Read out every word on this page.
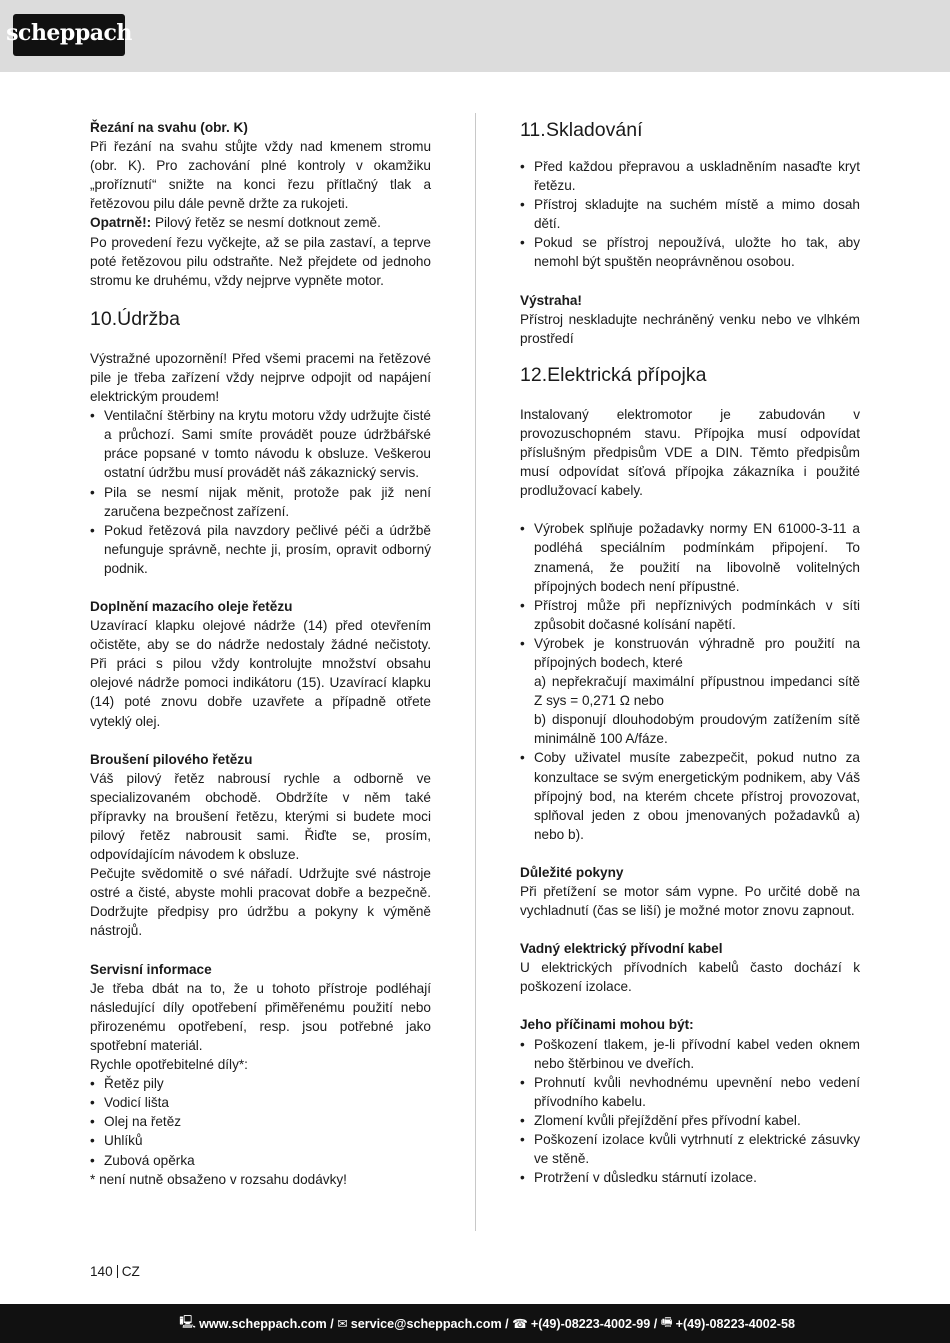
scheppach
Řezání na svahu (obr. K)
Při řezání na svahu stůjte vždy nad kmenem stromu (obr. K). Pro zachování plné kontroly v okamžiku „proříznutí“ snižte na konci řezu přítlačný tlak a řetězovou pilu dále pevně držte za rukojeti.
Opatrně!: Pilový řetěz se nesmí dotknout země.
Po provedení řezu vyčkejte, až se pila zastaví, a teprve poté řetězovou pilu odstraňte. Než přejdete od jednoho stromu ke druhému, vždy nejprve vypněte motor.
10.Údržba
Výstražné upozornění! Před všemi pracemi na řetězové pile je třeba zařízení vždy nejprve odpojit od napájení elektrickým proudem!
• Ventilační štěrbiny na krytu motoru vždy udržujte čisté a průchozí. Sami smíte provádět pouze údržbářské práce popsané v tomto návodu k obsluze. Veškerou ostatní údržbu musí provádět náš zákaznický servis.
• Pila se nesmí nijak měnit, protože pak již není zaručena bezpečnost zařízení.
• Pokud řetězová pila navzdory pečlivé péči a údržbě nefunguje správně, nechte ji, prosím, opravit odborný podnik.
Doplnění mazacího oleje řetězu
Uzavírací klapku olejové nádrže (14) před otevřením očistěte, aby se do nádrže nedostaly žádné nečistoty. Při práci s pilou vždy kontrolujte množství obsahu olejové nádrže pomoci indikátoru (15). Uzavírací klapku (14) poté znovu dobře uzavřete a případně otřete vyteklý olej.
Broušení pilového řetězu
Váš pilový řetěz nabrousí rychle a odborně ve specializovaném obchodě. Obdržíte v něm také přípravky na broušení řetězu, kterými si budete moci pilový řetěz nabrousit sami. Řiďte se, prosím, odpovídajícím návodem k obsluze.
Pečujte svědomitě o své nářadí. Udržujte své nástroje ostré a čisté, abyste mohli pracovat dobře a bezpečně. Dodržujte předpisy pro údržbu a pokyny k výměně nástrojů.
Servisní informace
Je třeba dbát na to, že u tohoto přístroje podléhají následující díly opotřebení přiměřenému použití nebo přirozenému opotřebení, resp. jsou potřebné jako spotřební materiál.
Rychle opotřebitelné díly*:
• Řetěz pily
• Vodicí lišta
• Olej na řetěz
• Uhlíků
• Zubová opěrka
* není nutně obsaženo v rozsahu dodávky!
11.Skladování
• Před každou přepravou a uskladněním nasaďte kryt řetězu.
• Přístroj skladujte na suchém místě a mimo dosah dětí.
• Pokud se přístroj nepoužívá, uložte ho tak, aby nemohl být spuštěn neoprávněnou osobou.
Výstraha!
Přístroj neskladujte nechráněný venku nebo ve vlhkém prostředí
12.Elektrická přípojka
Instalovaný elektromotor je zabudován v provozuschopném stavu. Přípojka musí odpovídat příslušným předpisům VDE a DIN. Těmto předpisům musí odpovídat síťová přípojka zákazníka i použité prodlužovací kabely.
• Výrobek splňuje požadavky normy EN 61000-3-11 a podléhá speciálním podmínkám připojení. To znamená, že použití na libovolně volitelných přípojných bodech není přípustné.
• Přístroj může při nepříznivých podmínkách v síti způsobit dočasné kolísání napětí.
• Výrobek je konstruován výhradně pro použití na přípojných bodech, které
a) nepřekračují maximální přípustnou impedanci sítě Z sys = 0,271 Ω nebo
b) disponují dlouhodobým proudovým zatížením sítě minimálně 100 A/fáze.
• Coby uživatel musíte zabezpečit, pokud nutno za konzultace se svým energetickým podnikem, aby Váš přípojný bod, na kterém chcete přístroj provozovat, splňoval jeden z obou jmenovaných požadavků a) nebo b).
Důležité pokyny
Při přetížení se motor sám vypne. Po určité době na vychladnutí (čas se liší) je možné motor znovu zapnout.
Vadný elektrický přívodní kabel
U elektrických přívodních kabelů často dochází k poškození izolace.
Jeho příčinami mohou být:
• Poškození tlakem, je-li přívodní kabel veden oknem nebo štěrbinou ve dveřích.
• Prohnutí kvůli nevhodnému upevnění nebo vedení přívodního kabelu.
• Zlomení kvůli přejíždění přes přívodní kabel.
• Poškození izolace kvůli vytrhnutí z elektrické zásuvky ve stěně.
• Protržení v důsledku stárnutí izolace.
140 CZ
🖳 www.scheppach.com /
✉ service@scheppach.com /
☎ +(49)-08223-4002-99 /
🖷 +(49)-08223-4002-58
